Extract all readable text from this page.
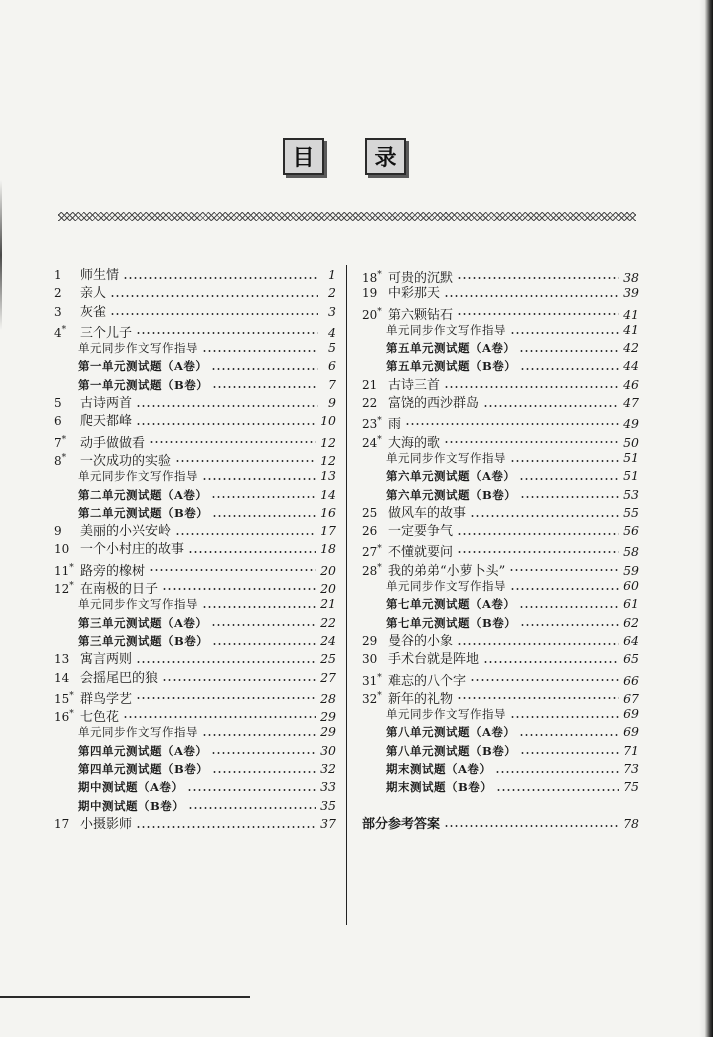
目	录
1	师生情	1
2	亲人	2
3	灰雀	3
4*	三个儿子	4
单元同步作文写作指导	5
第一单元测试题（A卷）	6
第一单元测试题（B卷）	7
5	古诗两首	9
6	爬天都峰	10
7*	动手做做看	12
8*	一次成功的实验	12
单元同步作文写作指导	13
第二单元测试题（A卷）	14
第二单元测试题（B卷）	16
9	美丽的小兴安岭	17
10 一个小村庄的故事	18
11* 路旁的橡树	20
12* 在南极的日子	20
单元同步作文写作指导	21
第三单元测试题（A卷）	22
第三单元测试题（B卷）	24
13 寓言两则	25
14 会摇尾巴的狼	27
15* 群鸟学艺	28
16* 七色花	29
单元同步作文写作指导	29
第四单元测试题（A卷）	30
第四单元测试题（B卷）	32
期中测试题（A卷）	33
期中测试题（B卷）	35
17 小摄影师	37
18* 可贵的沉默	38
19 中彩那天	39
20* 第六颗钻石	41
单元同步作文写作指导	41
第五单元测试题（A卷）	42
第五单元测试题（B卷）	44
21 古诗三首	46
22 富饶的西沙群岛	47
23* 雨	49
24* 大海的歌	50
单元同步作文写作指导	51
第六单元测试题（A卷）	51
第六单元测试题（B卷）	53
25 做风车的故事	55
26 一定要争气	56
27* 不懂就要问	58
28* 我的弟弟“小萝卜头”	59
单元同步作文写作指导	60
第七单元测试题（A卷）	61
第七单元测试题（B卷）	62
29 曼谷的小象	64
30 手术台就是阵地	65
31* 难忘的八个字	66
32* 新年的礼物	67
单元同步作文写作指导	69
第八单元测试题（A卷）	69
第八单元测试题（B卷）	71
期末测试题（A卷）	73
期末测试题（B卷）	75
部分参考答案	78
